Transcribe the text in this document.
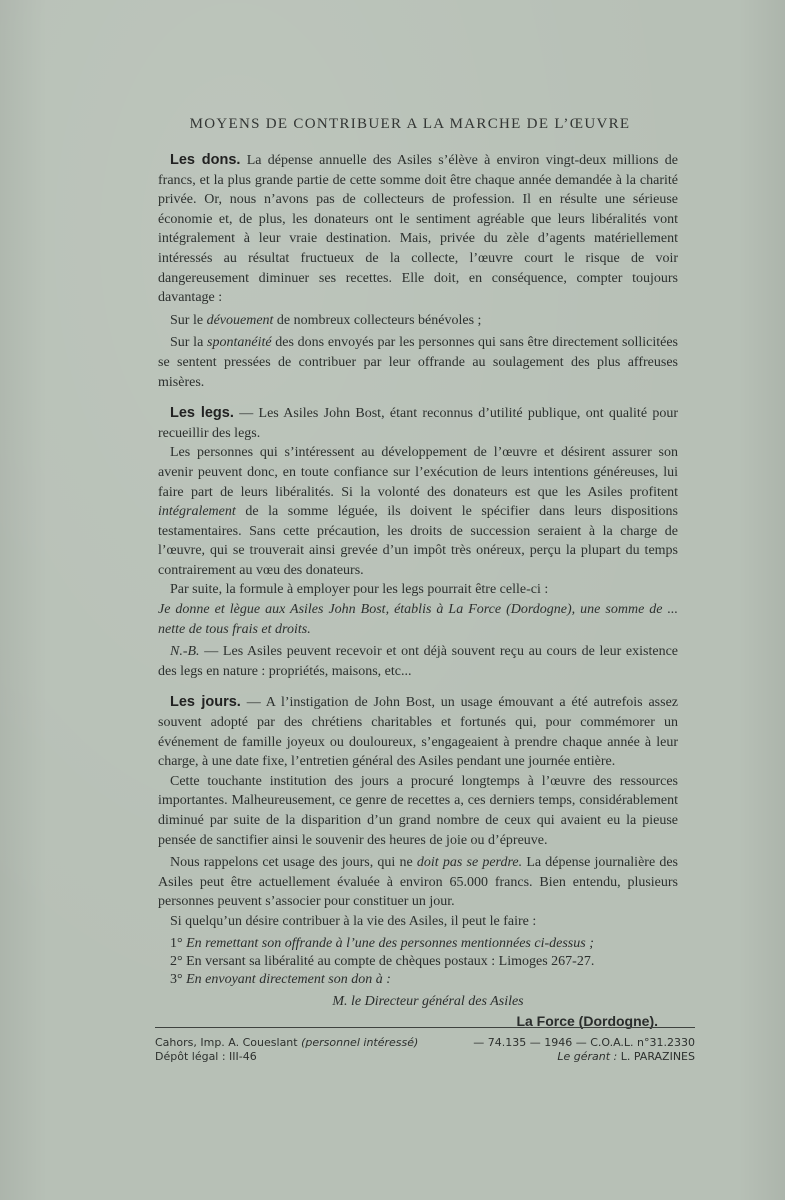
MOYENS DE CONTRIBUER A LA MARCHE DE L’ŒUVRE

Les dons. La dépense annuelle des Asiles s’élève à environ vingt-deux millions de francs, et la plus grande partie de cette somme doit être chaque année demandée à la charité privée. Or, nous n’avons pas de collecteurs de profession. Il en résulte une sérieuse économie et, de plus, les donateurs ont le sentiment agréable que leurs libéralités vont intégralement à leur vraie destination. Mais, privée du zèle d’agents matériellement intéressés au résultat fructueux de la collecte, l’œuvre court le risque de voir dangereusement diminuer ses recettes. Elle doit, en conséquence, compter toujours davantage :

Sur le dévouement de nombreux collecteurs bénévoles ;

Sur la spontanéité des dons envoyés par les personnes qui sans être directement sollicitées se sentent pressées de contribuer par leur offrande au soulagement des plus affreuses misères.

Les legs. — Les Asiles John Bost, étant reconnus d’utilité publique, ont qualité pour recueillir des legs.

Les personnes qui s’intéressent au développement de l’œuvre et désirent assurer son avenir peuvent donc, en toute confiance sur l’exécution de leurs intentions généreuses, lui faire part de leurs libéralités. Si la volonté des donateurs est que les Asiles profitent intégralement de la somme léguée, ils doivent le spécifier dans leurs dispositions testamentaires. Sans cette précaution, les droits de succession seraient à la charge de l’œuvre, qui se trouverait ainsi grevée d’un impôt très onéreux, perçu la plupart du temps contrairement au vœu des donateurs.

Par suite, la formule à employer pour les legs pourrait être celle-ci :

Je donne et lègue aux Asiles John Bost, établis à La Force (Dordogne), une somme de ... nette de tous frais et droits.

N.-B. — Les Asiles peuvent recevoir et ont déjà souvent reçu au cours de leur existence des legs en nature : propriétés, maisons, etc...

Les jours. — A l’instigation de John Bost, un usage émouvant a été autrefois assez souvent adopté par des chrétiens charitables et fortunés qui, pour commémorer un événement de famille joyeux ou douloureux, s’engageaient à prendre chaque année à leur charge, à une date fixe, l’entretien général des Asiles pendant une journée entière.

Cette touchante institution des jours a procuré longtemps à l’œuvre des ressources importantes. Malheureusement, ce genre de recettes a, ces derniers temps, considérablement diminué par suite de la disparition d’un grand nombre de ceux qui avaient eu la pieuse pensée de sanctifier ainsi le souvenir des heures de joie ou d’épreuve.

Nous rappelons cet usage des jours, qui ne doit pas se perdre. La dépense journalière des Asiles peut être actuellement évaluée à environ 65.000 francs. Bien entendu, plusieurs personnes peuvent s’associer pour constituer un jour.

Si quelqu’un désire contribuer à la vie des Asiles, il peut le faire :

1° En remettant son offrande à l’une des personnes mentionnées ci-dessus ;

2° En versant sa libéralité au compte de chèques postaux : Limoges 267-27.

3° En envoyant directement son don à :

M. le Directeur général des Asiles

La Force (Dordogne).

Cahors, Imp. A. Coueslant (personnel intéressé)	— 74.135 — 1946 — C.O.A.L. n°31.2330
Dépôt légal : III-46	Le gérant : L. PARAZINES
